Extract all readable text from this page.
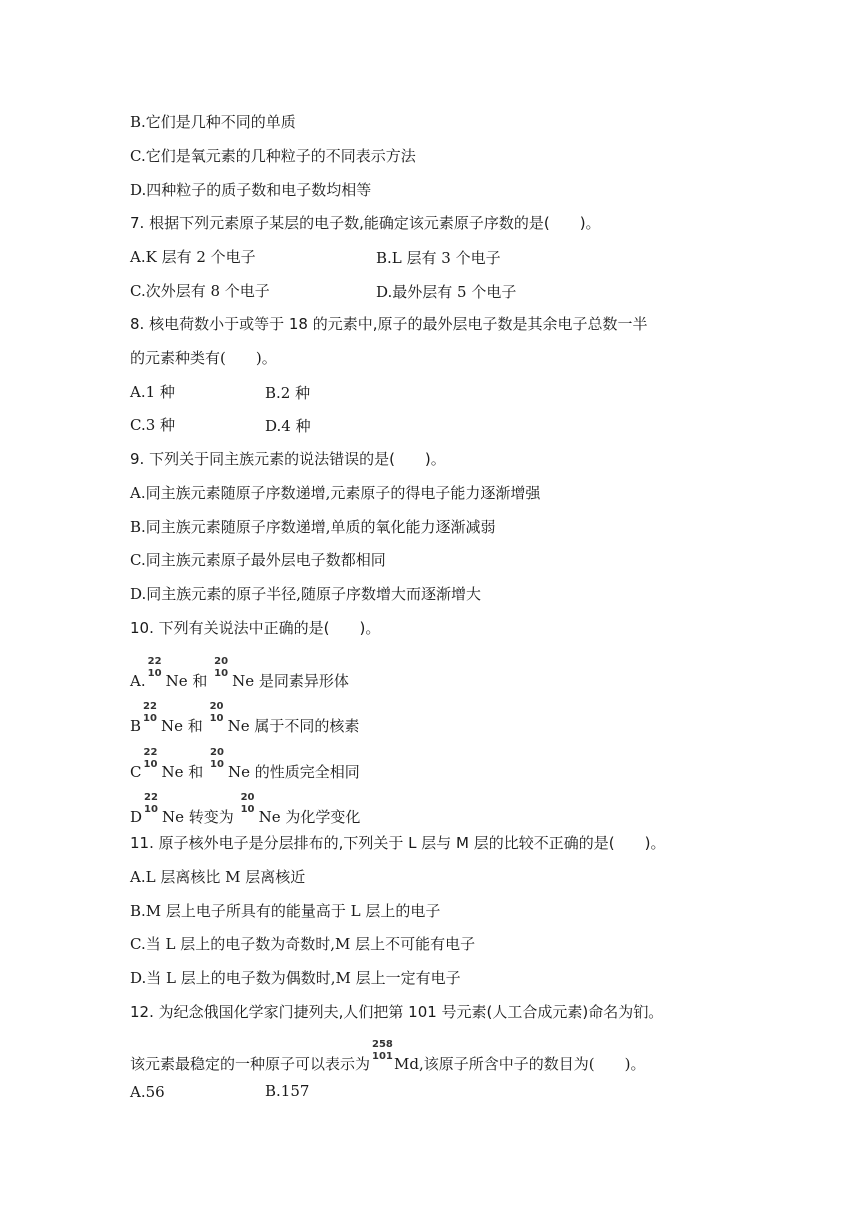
B.它们是几种不同的单质
C.它们是氧元素的几种粒子的不同表示方法
D.四种粒子的质子数和电子数均相等
7. 根据下列元素原子某层的电子数,能确定该元素原子序数的是(　　)。
A.K 层有 2 个电子	B.L 层有 3 个电子
C.次外层有 8 个电子	D.最外层有 5 个电子
8. 核电荷数小于或等于 18 的元素中,原子的最外层电子数是其余电子总数一半
的元素种类有(　　)。
A.1 种	B.2 种
C.3 种	D.4 种
9. 下列关于同主族元素的说法错误的是(　　)。
A.同主族元素随原子序数递增,元素原子的得电子能力逐渐增强
B.同主族元素随原子序数递增,单质的氧化能力逐渐减弱
C.同主族元素原子最外层电子数都相同
D.同主族元素的原子半径,随原子序数增大而逐渐增大
10. 下列有关说法中正确的是(　　)。
A.
22
10 Ne 和
20
10 Ne 是同素异形体
B
22
10 Ne 和
20
10 Ne 属于不同的核素
C
22
10 Ne 和
20
10 Ne 的性质完全相同
D
22
10 Ne 转变为
20
10 Ne 为化学变化
11. 原子核外电子是分层排布的,下列关于 L 层与 M 层的比较不正确的是(　　)。
A.L 层离核比 M 层离核近
B.M 层上电子所具有的能量高于 L 层上的电子
C.当 L 层上的电子数为奇数时,M 层上不可能有电子
D.当 L 层上的电子数为偶数时,M 层上一定有电子
12. 为纪念俄国化学家门捷列夫,人们把第 101 号元素(人工合成元素)命名为钔。
该元素最稳定的一种原子可以表示为
258
101 Md,该原子所含中子的数目为(　　)。
A.56	B.157
